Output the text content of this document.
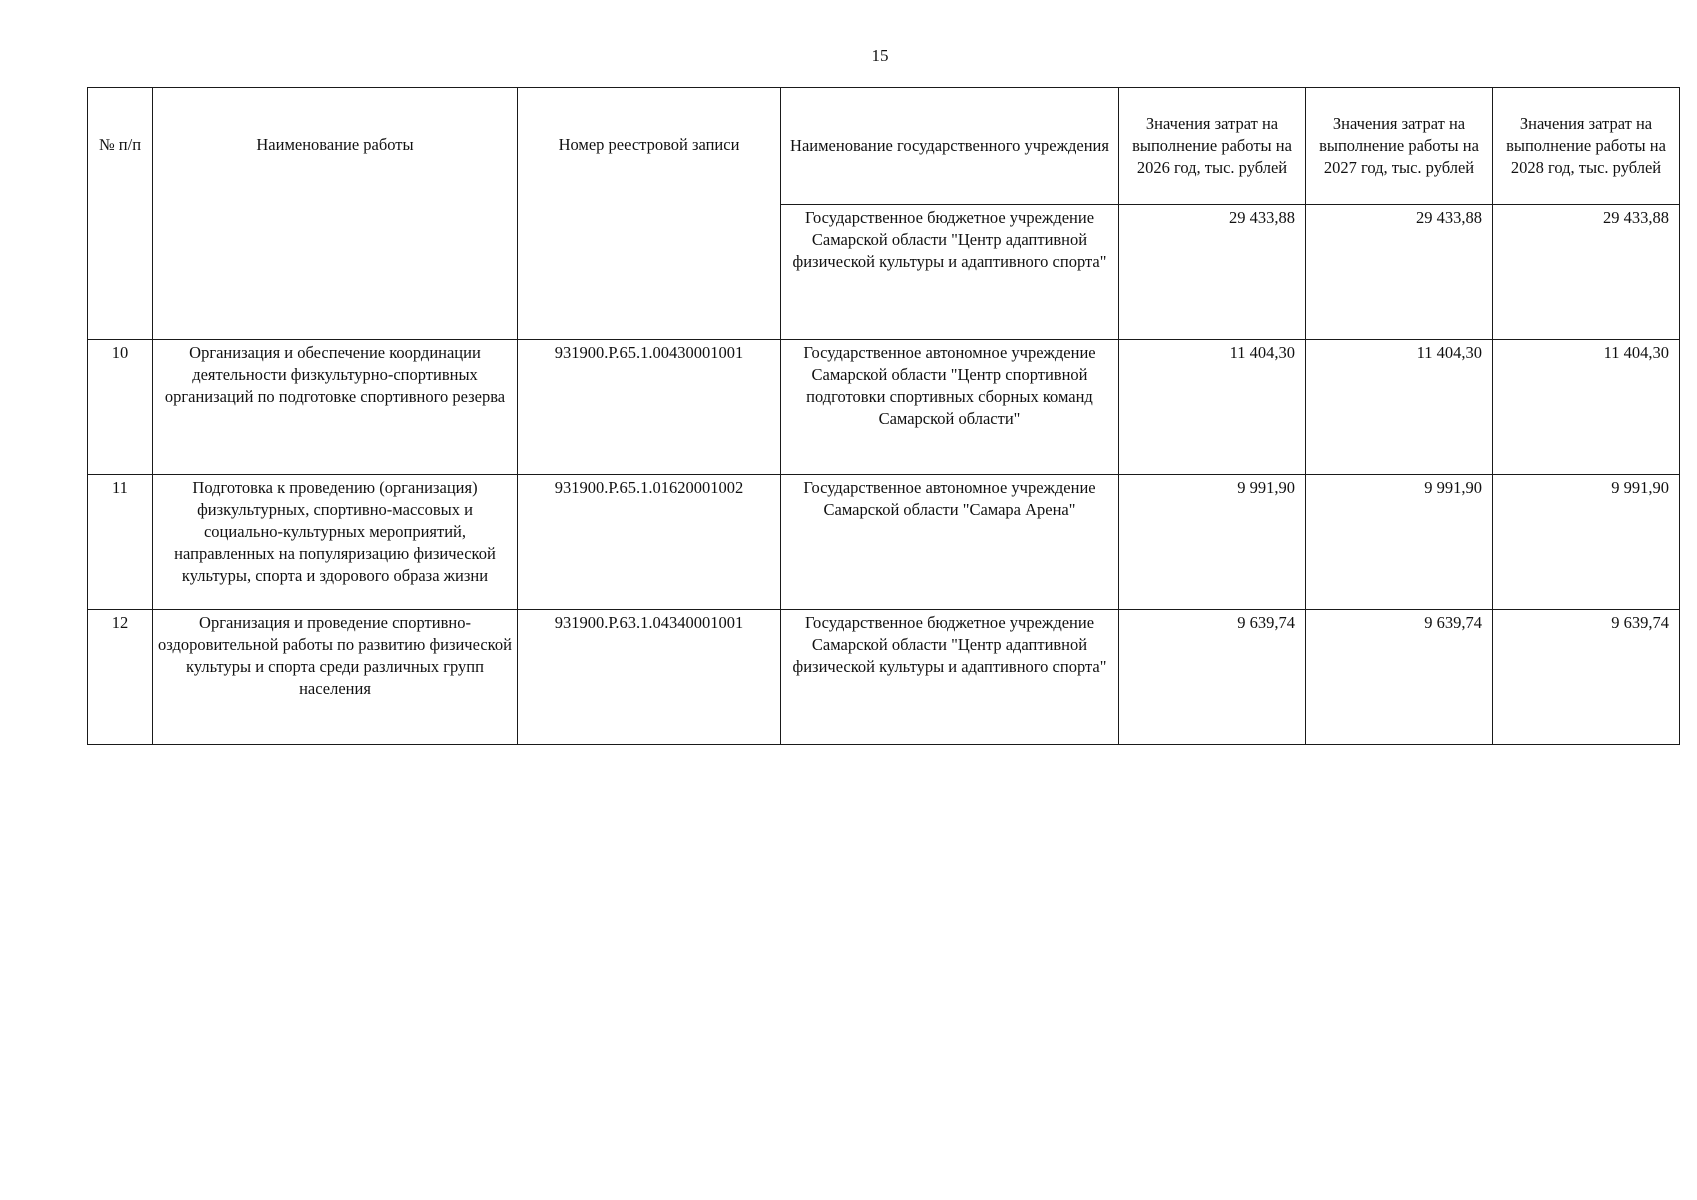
15
№ п/п	Наименование работы	Номер реестровой записи	Наименование государственного учреждения	Значения затрат на выполнение работы на 2026 год, тыс. рублей	Значения затрат на выполнение работы на 2027 год, тыс. рублей	Значения затрат на выполнение работы на 2028 год, тыс. рублей
			Государственное бюджетное учреждение Самарской области "Центр адаптивной физической культуры и адаптивного спорта"	29 433,88	29 433,88	29 433,88
10	Организация и обеспечение координации деятельности физкультурно-спортивных организаций по подготовке спортивного резерва	931900.Р.65.1.00430001001	Государственное автономное учреждение Самарской области "Центр спортивной подготовки спортивных сборных команд Самарской области"	11 404,30	11 404,30	11 404,30
11	Подготовка к проведению (организация) физкультурных, спортивно-массовых и социально-культурных мероприятий, направленных на популяризацию физической культуры, спорта и здорового образа жизни	931900.Р.65.1.01620001002	Государственное автономное учреждение Самарской области "Самара Арена"	9 991,90	9 991,90	9 991,90
12	Организация и проведение спортивно-оздоровительной работы по развитию физической культуры и спорта среди различных групп населения	931900.Р.63.1.04340001001	Государственное бюджетное учреждение Самарской области "Центр адаптивной физической культуры и адаптивного спорта"	9 639,74	9 639,74	9 639,74
